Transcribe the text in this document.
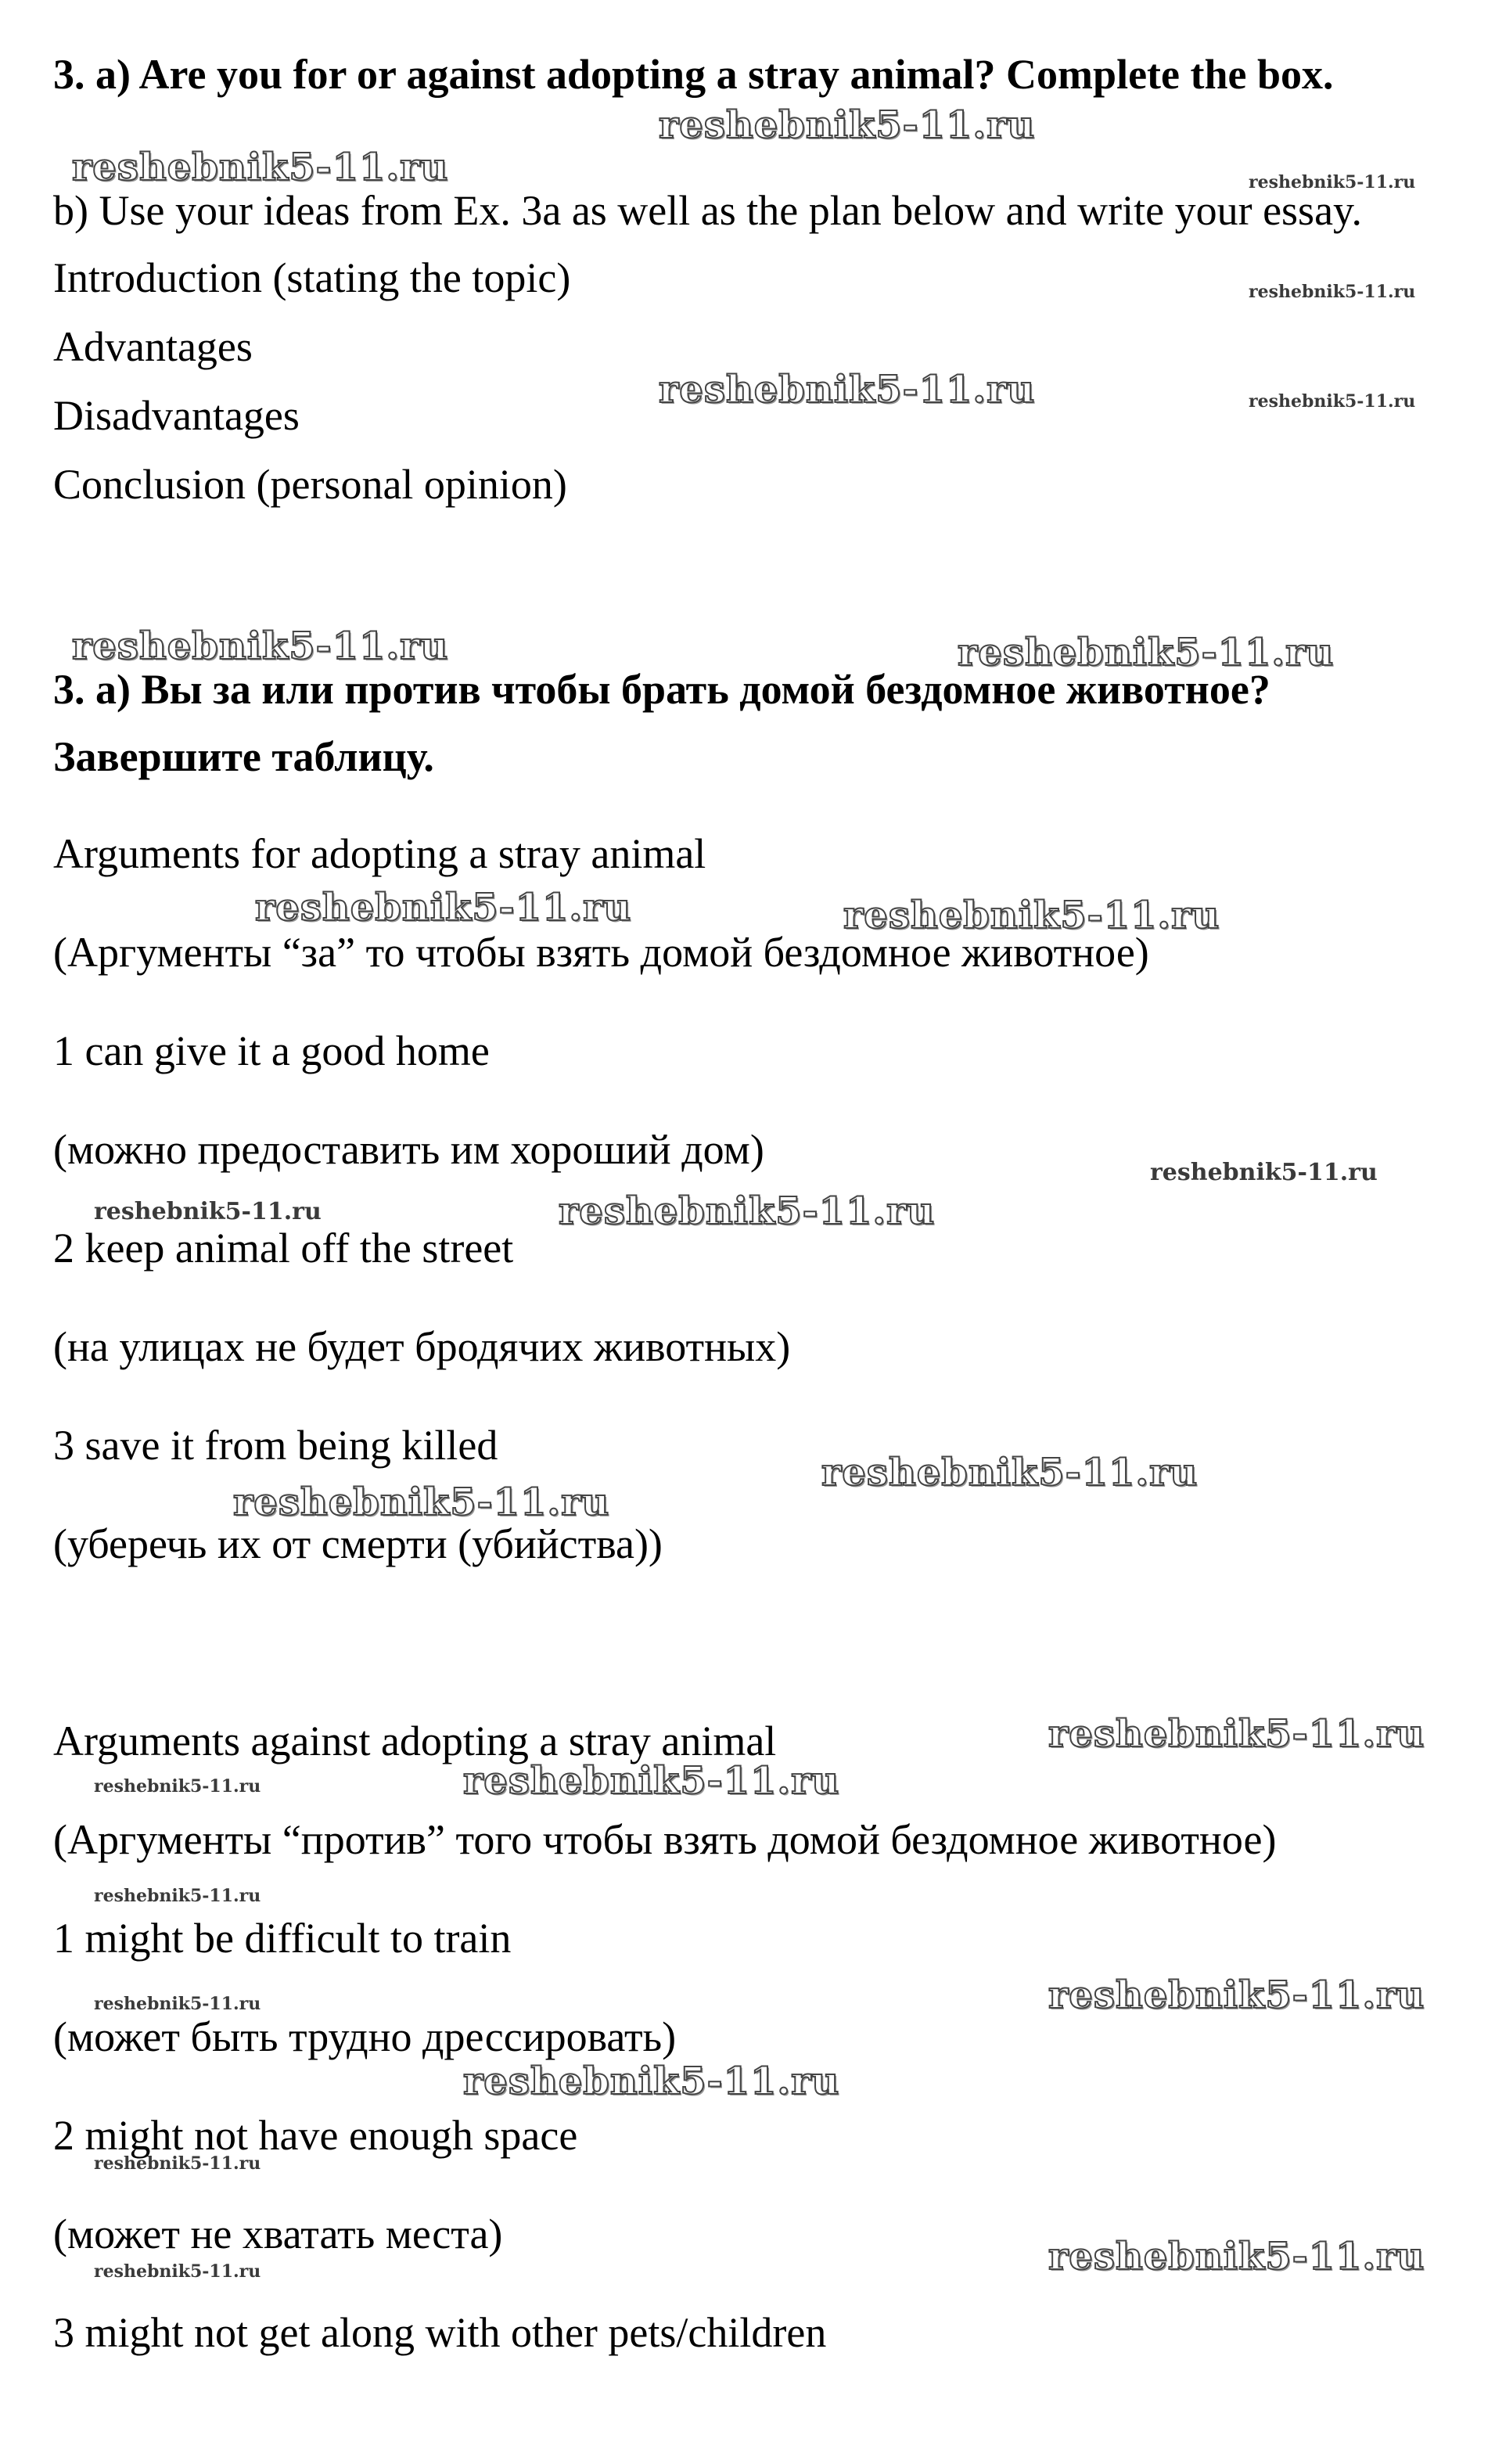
3. a) Are you for or against adopting a stray animal? Complete the box.
b) Use your ideas from Ex. 3a as well as the plan below and write your essay.
Introduction (stating the topic)
Advantages
Disadvantages
Conclusion (personal opinion)
3. а) Вы за или против чтобы брать домой бездомное животное?
Завершите таблицу.
Arguments for adopting a stray animal
(Аргументы “за” то чтобы взять домой бездомное животное)
1 can give it a good home
(можно предоставить им хороший дом)
2 keep animal off the street
(на улицах не будет бродячих животных)
3 save it from being killed
(уберечь их от смерти (убийства))
Arguments against adopting a stray animal
(Аргументы “против” того чтобы взять домой бездомное животное)
1 might be difficult to train
(может быть трудно дрессировать)
2 might not have enough space
(может не хватать места)
3 might not get along with other pets/children
reshebnik5-11.ru
reshebnik5-11.ru
reshebnik5-11.ru
reshebnik5-11.ru	reshebnik5-11.ru
reshebnik5-11.ru	reshebnik5-11.ru
reshebnik5-11.ru
reshebnik5-11.ru
reshebnik5-11.ru
reshebnik5-11.ru
reshebnik5-11.ru
reshebnik5-11.ru
reshebnik5-11.ru
reshebnik5-11.ru
reshebnik5-11.ru
reshebnik5-11.ru
reshebnik5-11.ru
reshebnik5-11.ru
reshebnik5-11.ru
reshebnik5-11.ru
reshebnik5-11.ru
reshebnik5-11.ru
reshebnik5-11.ru
reshebnik5-11.ru
